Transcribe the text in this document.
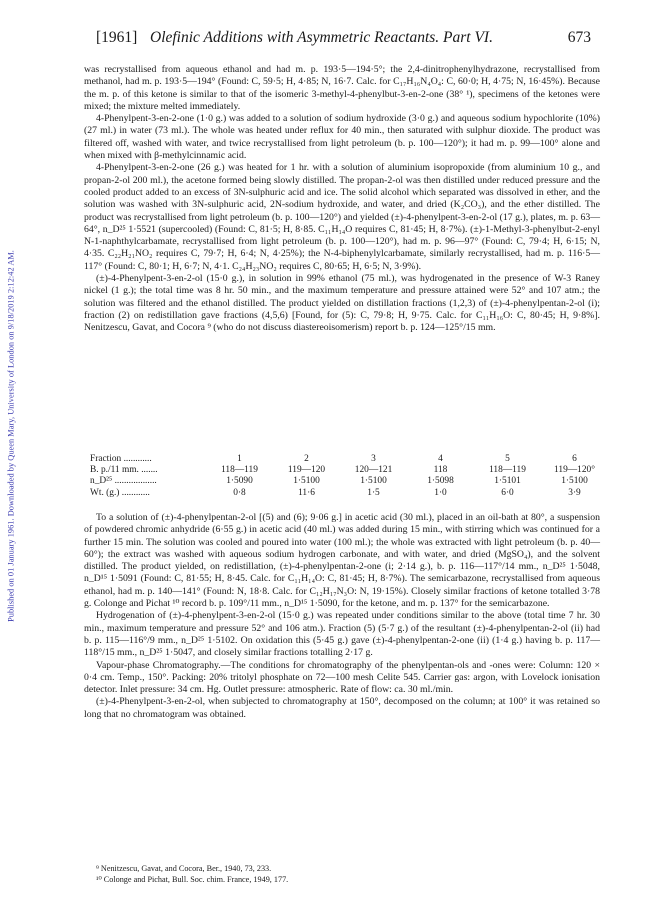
Published on 01 January 1961. Downloaded by Queen Mary, University of London on 9/18/2019 2:12:42 AM.
[1961] Olefinic Additions with Asymmetric Reactants. Part VI.	673

was recrystallised from aqueous ethanol and had m. p. 193·5—194·5°; the 2,4-dinitrophenylhydrazone, recrystallised from methanol, had m. p. 193·5—194° (Found: C, 59·5; H, 4·85; N, 16·7. Calc. for C₁₇H₁₆N₄O₄: C, 60·0; H, 4·75; N, 16·45%). Because the m. p. of this ketone is similar to that of the isomeric 3-methyl-4-phenylbut-3-en-2-one (38° ¹), specimens of the ketones were mixed; the mixture melted immediately.

4-Phenylpent-3-en-2-one (1·0 g.) was added to a solution of sodium hydroxide (3·0 g.) and aqueous sodium hypochlorite (10%) (27 ml.) in water (73 ml.). The whole was heated under reflux for 40 min., then saturated with sulphur dioxide. The product was filtered off, washed with water, and twice recrystallised from light petroleum (b. p. 100—120°); it had m. p. 99—100° alone and when mixed with β-methylcinnamic acid.

4-Phenylpent-3-en-2-one (26 g.) was heated for 1 hr. with a solution of aluminium isopropoxide (from aluminium 10 g., and propan-2-ol 200 ml.), the acetone formed being slowly distilled. The propan-2-ol was then distilled under reduced pressure and the cooled product added to an excess of 3N-sulphuric acid and ice. The solid alcohol which separated was dissolved in ether, and the solution was washed with 3N-sulphuric acid, 2N-sodium hydroxide, and water, and dried (K₂CO₃), and the ether distilled. The product was recrystallised from light petroleum (b. p. 100—120°) and yielded (±)-4-phenylpent-3-en-2-ol (17 g.), plates, m. p. 63—64°, n_D²⁵ 1·5521 (supercooled) (Found: C, 81·5; H, 8·85. C₁₁H₁₄O requires C, 81·45; H, 8·7%). (±)-1-Methyl-3-phenylbut-2-enyl N-1-naphthylcarbamate, recrystallised from light petroleum (b. p. 100—120°), had m. p. 96—97° (Found: C, 79·4; H, 6·15; N, 4·35. C₂₂H₂₁NO₂ requires C, 79·7; H, 6·4; N, 4·25%); the N-4-biphenylylcarbamate, similarly recrystallised, had m. p. 116·5—117° (Found: C, 80·1; H, 6·7; N, 4·1. C₂₄H₂₃NO₂ requires C, 80·65; H, 6·5; N, 3·9%).

(±)-4-Phenylpent-3-en-2-ol (15·0 g.), in solution in 99% ethanol (75 ml.), was hydrogenated in the presence of W-3 Raney nickel (1 g.); the total time was 8 hr. 50 min., and the maximum temperature and pressure attained were 52° and 107 atm.; the solution was filtered and the ethanol distilled. The product yielded on distillation fractions (1,2,3) of (±)-4-phenylpentan-2-ol (i); fraction (2) on redistillation gave fractions (4,5,6) [Found, for (5): C, 79·8; H, 9·75. Calc. for C₁₁H₁₆O: C, 80·45; H, 9·8%]. Nenitzescu, Gavat, and Cocora ⁹ (who do not discuss diastereoisomerism) report b. p. 124—125°/15 mm.

Fraction ............	1	2	3	4	5	6
B. p./11 mm. .......	118—119	119—120	120—121	118	118—119	119—120°
n_D²⁵ ..................	1·5090	1·5100	1·5100	1·5098	1·5101	1·5100
Wt. (g.) ............	0·8	11·6	1·5	1·0	6·0	3·9

To a solution of (±)-4-phenylpentan-2-ol [(5) and (6); 9·06 g.] in acetic acid (30 ml.), placed in an oil-bath at 80°, a suspension of powdered chromic anhydride (6·55 g.) in acetic acid (40 ml.) was added during 15 min., with stirring which was continued for a further 15 min. The solution was cooled and poured into water (100 ml.); the whole was extracted with light petroleum (b. p. 40—60°); the extract was washed with aqueous sodium hydrogen carbonate, and with water, and dried (MgSO₄), and the solvent distilled. The product yielded, on redistillation, (±)-4-phenylpentan-2-one (i; 2·14 g.), b. p. 116—117°/14 mm., n_D²⁵ 1·5048, n_D¹⁵ 1·5091 (Found: C, 81·55; H, 8·45. Calc. for C₁₁H₁₄O: C, 81·45; H, 8·7%). The semicarbazone, recrystallised from aqueous ethanol, had m. p. 140—141° (Found: N, 18·8. Calc. for C₁₂H₁₇N₃O: N, 19·15%). Closely similar fractions of ketone totalled 3·78 g. Colonge and Pichat ¹⁰ record b. p. 109°/11 mm., n_D¹⁵ 1·5090, for the ketone, and m. p. 137° for the semicarbazone.

Hydrogenation of (±)-4-phenylpent-3-en-2-ol (15·0 g.) was repeated under conditions similar to the above (total time 7 hr. 30 min., maximum temperature and pressure 52° and 106 atm.). Fraction (5) (5·7 g.) of the resultant (±)-4-phenylpentan-2-ol (ii) had b. p. 115—116°/9 mm., n_D²⁵ 1·5102. On oxidation this (5·45 g.) gave (±)-4-phenylpentan-2-one (ii) (1·4 g.) having b. p. 117—118°/15 mm., n_D²⁵ 1·5047, and closely similar fractions totalling 2·17 g.

Vapour-phase Chromatography.—The conditions for chromatography of the phenylpentan-ols and -ones were: Column: 120 × 0·4 cm. Temp., 150°. Packing: 20% tritolyl phosphate on 72—100 mesh Celite 545. Carrier gas: argon, with Lovelock ionisation detector. Inlet pressure: 34 cm. Hg. Outlet pressure: atmospheric. Rate of flow: ca. 30 ml./min.

(±)-4-Phenylpent-3-en-2-ol, when subjected to chromatography at 150°, decomposed on the column; at 100° it was retained so long that no chromatogram was obtained.

⁹ Nenitzescu, Gavat, and Cocora, Ber., 1940, 73, 233.

¹⁰ Colonge and Pichat, Bull. Soc. chim. France, 1949, 177.
